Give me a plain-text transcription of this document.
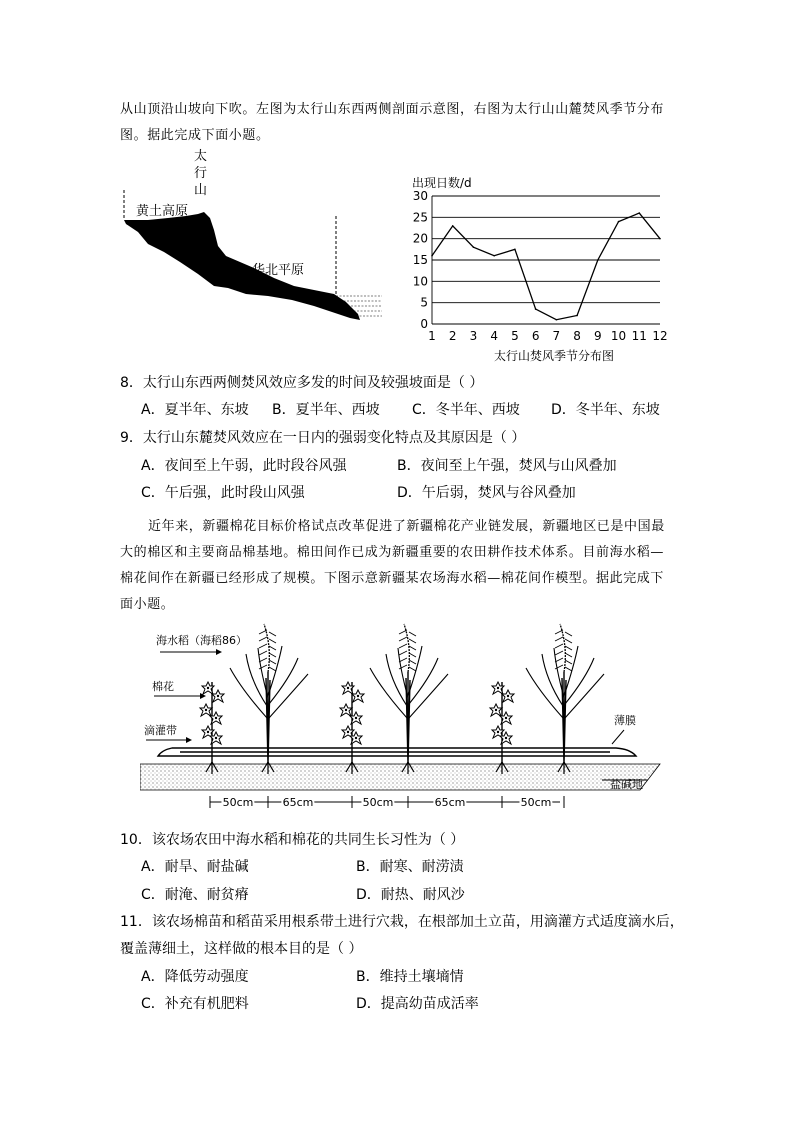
从山顶沿山坡向下吹。左图为太行山东西两侧剖面示意图，右图为太行山山麓焚风季节分布
图。据此完成下面小题。
太
行
山
黄土高原
华北平原
出现日数/d
0
5
10
15
20
25
30
1 2 3 4 5 6 7 8 9 10 11 12
太行山焚风季节分布图
8．太行山东西两侧焚风效应多发的时间及较强坡面是（ ）
A．夏半年、东坡 B．夏半年、西坡 C．冬半年、西坡 D．冬半年、东坡
9．太行山东麓焚风效应在一日内的强弱变化特点及其原因是（ ）
A．夜间至上午弱，此时段谷风强	B．夜间至上午强，焚风与山风叠加
C．午后强，此时段山风强	D．午后弱，焚风与谷风叠加
近年来，新疆棉花目标价格试点改革促进了新疆棉花产业链发展，新疆地区已是中国最
大的棉区和主要商品棉基地。棉田间作已成为新疆重要的农田耕作技术体系。目前海水稻—
棉花间作在新疆已经形成了规模。下图示意新疆某农场海水稻—棉花间作模型。据此完成下
面小题。
海水稻（海稻86）
棉花
滴灌带
薄膜
盐碱地
50cm	65cm	50cm	65cm	50cm
10．该农场农田中海水稻和棉花的共同生长习性为（ ）
A．耐旱、耐盐碱	B．耐寒、耐涝渍
C．耐淹、耐贫瘠	D．耐热、耐风沙
11．该农场棉苗和稻苗采用根系带土进行穴栽，在根部加土立苗，用滴灌方式适度滴水后，
覆盖薄细土，这样做的根本目的是（ ）
A．降低劳动强度	B．维持土壤墒情
C．补充有机肥料	D．提高幼苗成活率
